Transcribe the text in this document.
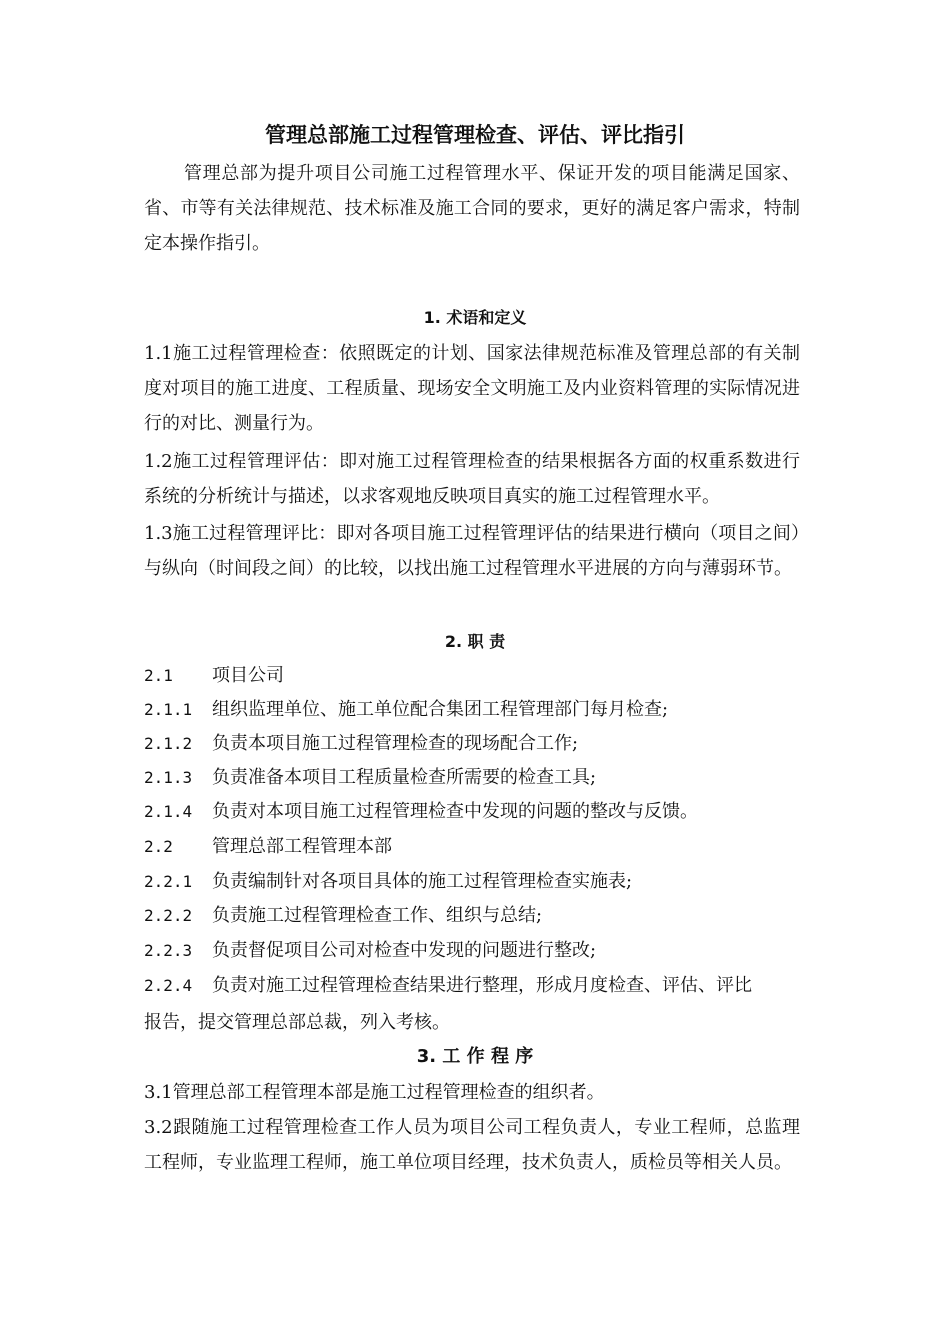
管理总部施工过程管理检查、评估、评比指引

管理总部为提升项目公司施工过程管理水平、保证开发的项目能满足国家、省、市等有关法律规范、技术标准及施工合同的要求，更好的满足客户需求，特制定本操作指引。

1. 术语和定义

1.1施工过程管理检查：依照既定的计划、国家法律规范标准及管理总部的有关制度对项目的施工进度、工程质量、现场安全文明施工及内业资料管理的实际情况进行的对比、测量行为。

1.2施工过程管理评估：即对施工过程管理检查的结果根据各方面的权重系数进行系统的分析统计与描述，以求客观地反映项目真实的施工过程管理水平。

1.3施工过程管理评比：即对各项目施工过程管理评估的结果进行横向（项目之间）与纵向（时间段之间）的比较，以找出施工过程管理水平进展的方向与薄弱环节。

2. 职 责
2.1 项目公司
2.1.1 组织监理单位、施工单位配合集团工程管理部门每月检查;
2.1.2 负责本项目施工过程管理检查的现场配合工作;
2.1.3 负责准备本项目工程质量检查所需要的检查工具;
2.1.4 负责对本项目施工过程管理检查中发现的问题的整改与反馈。
2.2 管理总部工程管理本部
2.2.1 负责编制针对各项目具体的施工过程管理检查实施表;
2.2.2 负责施工过程管理检查工作、组织与总结;
2.2.3 负责督促项目公司对检查中发现的问题进行整改;
2.2.4 负责对施工过程管理检查结果进行整理，形成月度检查、评估、评比
报告，提交管理总部总裁，列入考核。
3. 工 作 程 序

3.1管理总部工程管理本部是施工过程管理检查的组织者。

3.2跟随施工过程管理检查工作人员为项目公司工程负责人，专业工程师，总监理工程师，专业监理工程师，施工单位项目经理，技术负责人，质检员等相关人员。
